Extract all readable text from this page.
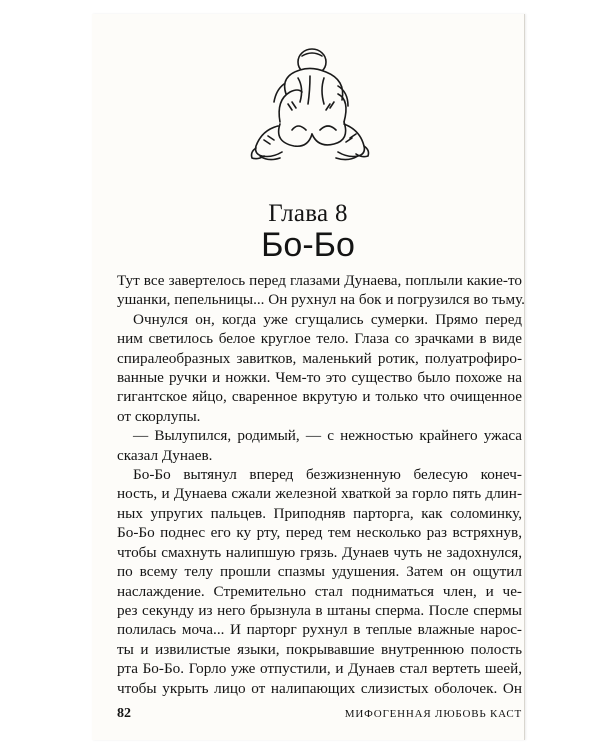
Глава 8
Бо-Бо
Тут все завертелось перед глазами Дунаева, поплыли какие-то
ушанки, пепельницы... Он рухнул на бок и погрузился во тьму.
Очнулся он, когда уже сгущались сумерки. Прямо перед
ним светилось белое круглое тело. Глаза со зрачками в виде
спиралеобразных завитков, маленький ротик, полуатрофиро-
ванные ручки и ножки. Чем-то это существо было похоже на
гигантское яйцо, сваренное вкрутую и только что очищенное
от скорлупы.
— Вылупился, родимый, — с нежностью крайнего ужаса
сказал Дунаев.
Бо-Бо вытянул вперед безжизненную белесую конеч-
ность, и Дунаева сжали железной хваткой за горло пять длин-
ных упругих пальцев. Приподняв парторга, как соломинку,
Бо-Бо поднес его ку рту, перед тем несколько раз встряхнув,
чтобы смахнуть налипшую грязь. Дунаев чуть не задохнулся,
по всему телу прошли спазмы удушения. Затем он ощутил
наслаждение. Стремительно стал подниматься член, и че-
рез секунду из него брызнула в штаны сперма. После спермы
полилась моча... И парторг рухнул в теплые влажные нароc-
ты и извилистые языки, покрывавшие внутреннюю полость
рта Бо-Бо. Горло уже отпустили, и Дунаев стал вертеть шеей,
чтобы укрыть лицо от налипающих слизистых оболочек. Он
82	МИФОГЕННАЯ ЛЮБОВЬ КАСТ
